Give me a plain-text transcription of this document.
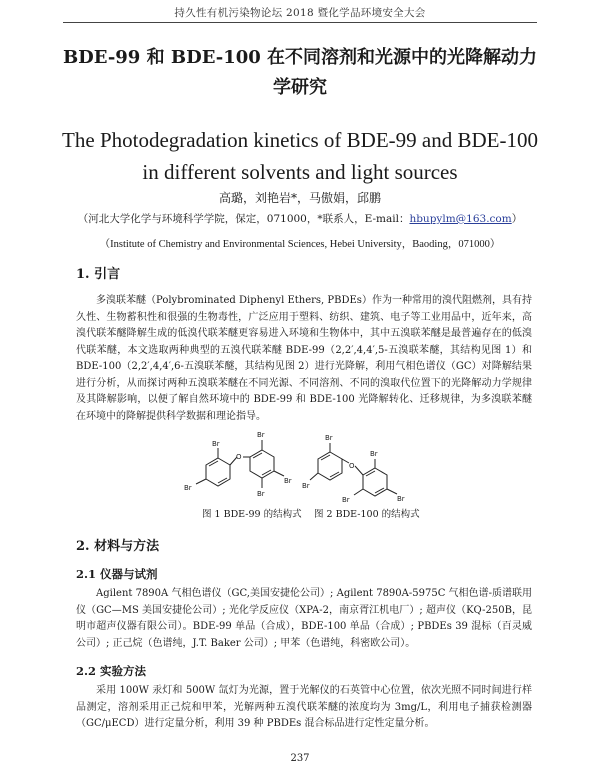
持久性有机污染物论坛 2018 暨化学品环境安全大会
BDE-99 和 BDE-100 在不同溶剂和光源中的光降解动力学研究
The Photodegradation kinetics of BDE-99 and BDE-100 in different solvents and light sources
高璐，刘艳岩*，马傲娟，邱鹏
（河北大学化学与环境科学学院，保定，071000，*联系人，E-mail：hbupylm@163.com）
（Institute of Chemistry and Environmental Sciences, Hebei University，Baoding，071000）
1. 引言
多溴联苯醚（Polybrominated Diphenyl Ethers, PBDEs）作为一种常用的溴代阻燃剂，具有持久性、生物蓄积性和很强的生物毒性，广泛应用于塑料、纺织、建筑、电子等工业用品中，近年来，高溴代联苯醚降解生成的低溴代联苯醚更容易进入环境和生物体中，其中五溴联苯醚是最普遍存在的低溴代联苯醚，本文选取两种典型的五溴代联苯醚 BDE-99（2,2′,4,4′,5-五溴联苯醚，其结构见图 1）和 BDE-100（2,2′,4,4′,6-五溴联苯醚，其结构见图 2）进行光降解，利用气相色谱仪（GC）对降解结果进行分析，从而探讨两种五溴联苯醚在不同光源、不同溶剂、不同的溴取代位置下的光降解动力学规律及其降解影响，以便了解自然环境中的 BDE-99 和 BDE-100 光降解转化、迁移规律，为多溴联苯醚在环境中的降解提供科学数据和理论指导。
O
Br
Br
Br
Br
Br
O
Br
Br
Br
Br
Br
图 1 BDE-99 的结构式 图 2 BDE-100 的结构式
2. 材料与方法
2.1 仪器与试剂
Agilent 7890A 气相色谱仪（GC,美国安捷伦公司）; Agilent 7890A-5975C 气相色谱-质谱联用仪（GC—MS 美国安捷伦公司）; 光化学反应仪（XPA-2，南京胥江机电厂）; 超声仪（KQ-250B，昆明市超声仪器有限公司）。BDE-99 单品（合成），BDE-100 单品（合成）; PBDEs 39 混标（百灵威公司）; 正己烷（色谱纯，J.T. Baker 公司）; 甲苯（色谱纯，科密欧公司）。
2.2 实验方法
采用 100W 汞灯和 500W 氙灯为光源，置于光解仪的石英管中心位置，依次光照不同时间进行样品测定，溶剂采用正己烷和甲苯，光解两种五溴代联苯醚的浓度均为 3mg/L，利用电子捕获检测器（GC/μECD）进行定量分析，利用 39 种 PBDEs 混合标品进行定性定量分析。
237
